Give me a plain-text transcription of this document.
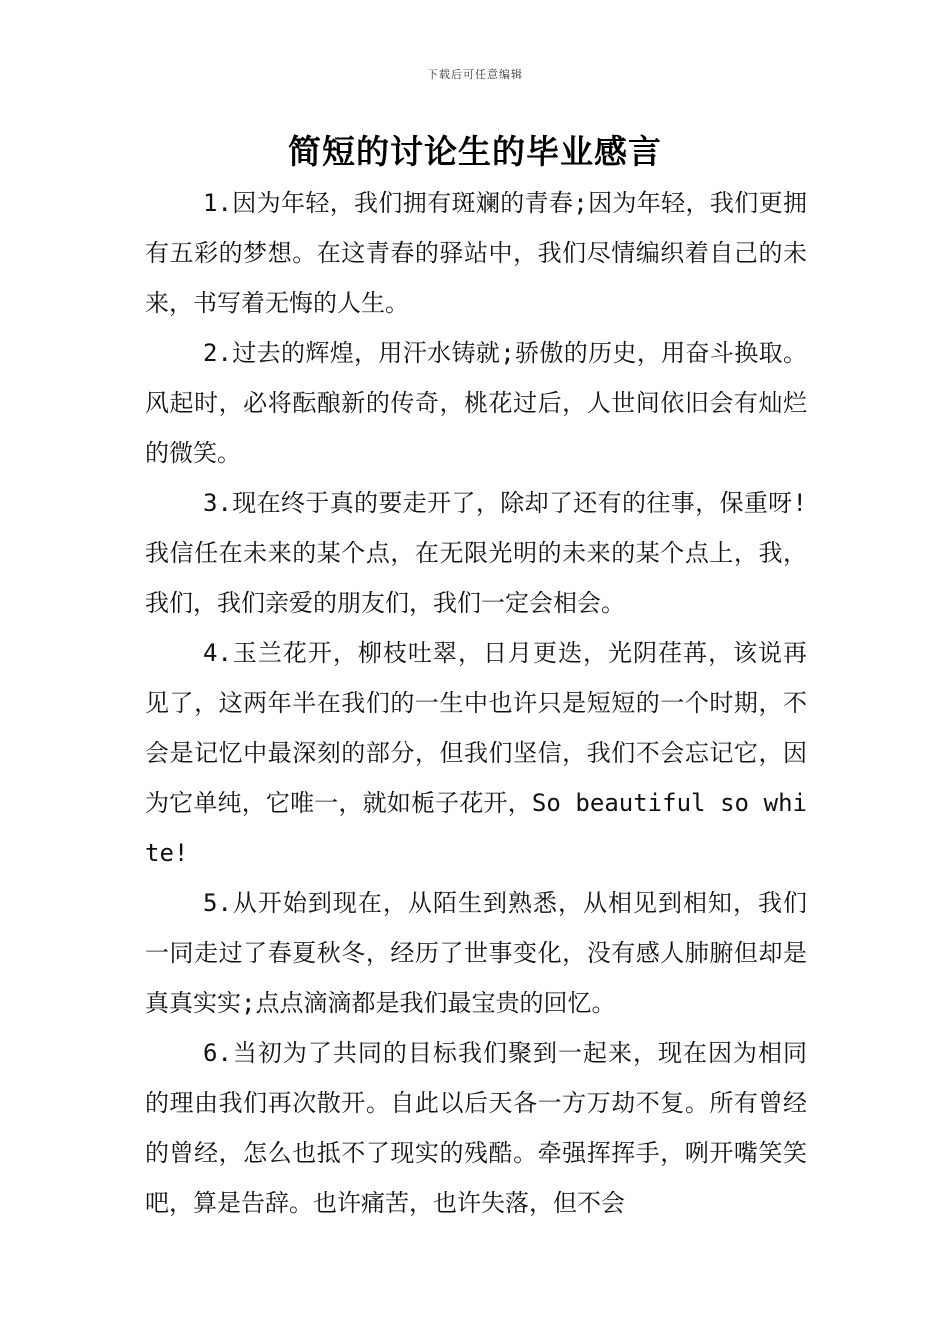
下载后可任意编辑
简短的讨论生的毕业感言

1.因为年轻，我们拥有斑斓的青春;因为年轻，我们更拥有五彩的梦想。在这青春的驿站中，我们尽情编织着自己的未来，书写着无悔的人生。

2.过去的辉煌，用汗水铸就;骄傲的历史，用奋斗换取。风起时，必将酝酿新的传奇，桃花过后，人世间依旧会有灿烂的微笑。

3.现在终于真的要走开了，除却了还有的往事，保重呀!我信任在未来的某个点，在无限光明的未来的某个点上，我，我们，我们亲爱的朋友们，我们一定会相会。

4.玉兰花开，柳枝吐翠，日月更迭，光阴荏苒，该说再见了，这两年半在我们的一生中也许只是短短的一个时期，不会是记忆中最深刻的部分，但我们坚信，我们不会忘记它，因为它单纯，它唯一，就如栀子花开，So beautiful so white!

5.从开始到现在，从陌生到熟悉，从相见到相知，我们一同走过了春夏秋冬，经历了世事变化，没有感人肺腑但却是真真实实;点点滴滴都是我们最宝贵的回忆。

6.当初为了共同的目标我们聚到一起来，现在因为相同的理由我们再次散开。自此以后天各一方万劫不复。所有曾经的曾经，怎么也抵不了现实的残酷。牵强挥挥手，咧开嘴笑笑吧，算是告辞。也许痛苦，也许失落，但不会
